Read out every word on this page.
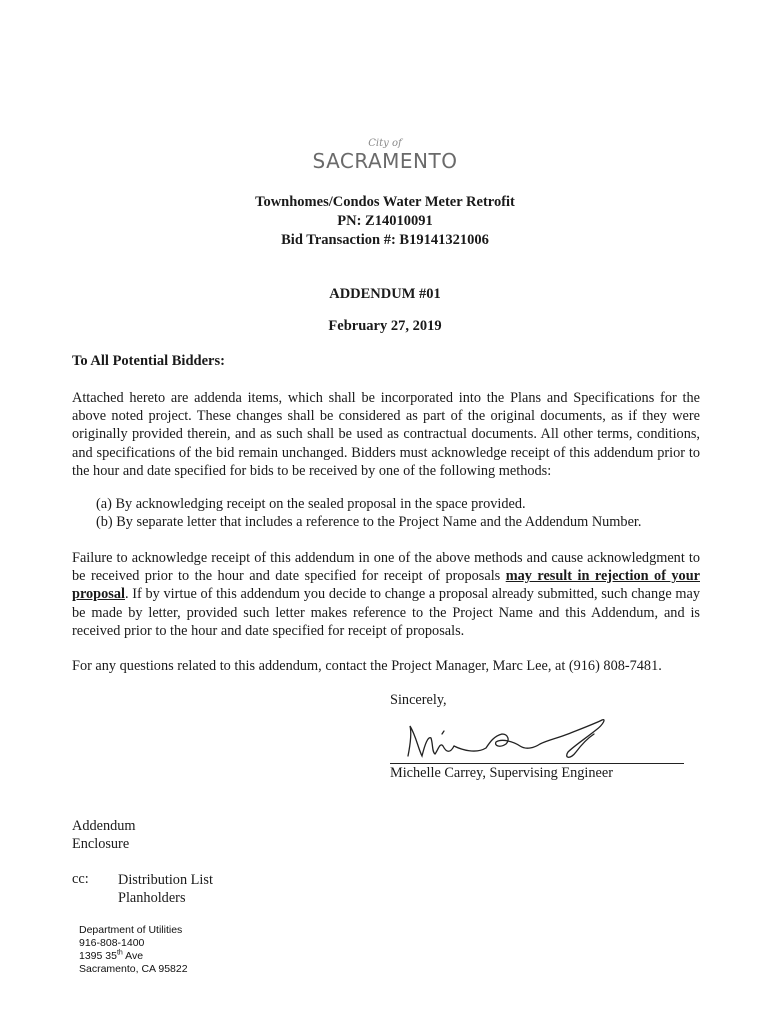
City of
SACRAMENTO
Townhomes/Condos Water Meter Retrofit
PN: Z14010091
Bid Transaction #: B19141321006
ADDENDUM #01
February 27, 2019
To All Potential Bidders:

Attached hereto are addenda items, which shall be incorporated into the Plans and Specifications for the above noted project. These changes shall be considered as part of the original documents, as if they were originally provided therein, and as such shall be used as contractual documents. All other terms, conditions, and specifications of the bid remain unchanged. Bidders must acknowledge receipt of this addendum prior to the hour and date specified for bids to be received by one of the following methods:

(a) By acknowledging receipt on the sealed proposal in the space provided.
(b) By separate letter that includes a reference to the Project Name and the Addendum Number.

Failure to acknowledge receipt of this addendum in one of the above methods and cause acknowledgment to be received prior to the hour and date specified for receipt of proposals may result in rejection of your proposal. If by virtue of this addendum you decide to change a proposal already submitted, such change may be made by letter, provided such letter makes reference to the Project Name and this Addendum, and is received prior to the hour and date specified for receipt of proposals.

For any questions related to this addendum, contact the Project Manager, Marc Lee, at (916) 808-7481.

Sincerely,
Michelle Carrey, Supervising Engineer
Addendum
Enclosure
cc: Distribution List
Planholders
Department of Utilities
916-808-1400
1395 35th Ave
Sacramento, CA 95822
